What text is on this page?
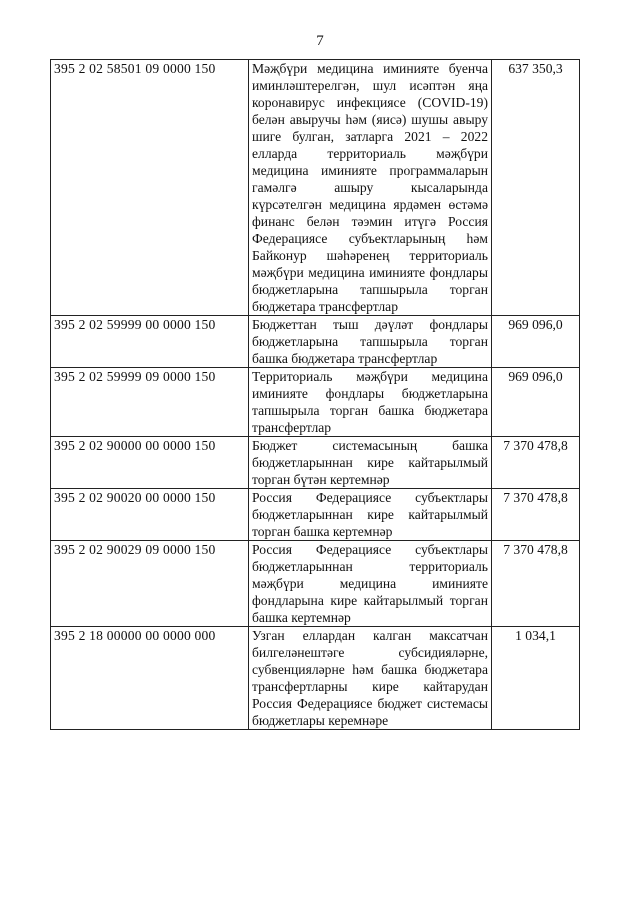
7
395 2 02 58501 09 0000 150	Мәҗбүри медицина иминияте буенча иминләштерелгән, шул исәптән яңа коронавирус инфекциясе (COVID-19) белән авыручы һәм (яисә) шушы авыру шиге булган, затларга 2021 – 2022 елларда территориаль мәҗбүри медицина иминияте программаларын гамәлгә ашыру кысаларында күрсәтелгән медицина ярдәмен өстәмә финанс белән тәэмин итүгә Россия Федерациясе субъектларының һәм Байконур шәһәренең территориаль мәҗбүри медицина иминияте фондлары бюджетларына тапшырыла торган бюджетара трансфертлар	637 350,3
395 2 02 59999 00 0000 150	Бюджеттан тыш дәүләт фондлары бюджетларына тапшырыла торган башка бюджетара трансфертлар	969 096,0
395 2 02 59999 09 0000 150	Территориаль мәҗбүри медицина иминияте фондлары бюджетларына тапшырыла торган башка бюджетара трансфертлар	969 096,0
395 2 02 90000 00 0000 150	Бюджет системасының башка бюджетларыннан кире кайтарылмый торган бүтән кертемнәр	7 370 478,8
395 2 02 90020 00 0000 150	Россия Федерациясе субъектлары бюджетларыннан кире кайтарылмый торган башка кертемнәр	7 370 478,8
395 2 02 90029 09 0000 150	Россия Федерациясе субъектлары бюджетларыннан территориаль мәҗбүри медицина иминияте фондларына кире кайтарылмый торган башка кертемнәр	7 370 478,8
395 2 18 00000 00 0000 000	Узган еллардан калган максатчан билгеләнештәге субсидияләрне, субвенцияләрне һәм башка бюджетара трансфертларны кире кайтарудан Россия Федерациясе бюджет системасы бюджетлары керемнәре	1 034,1
